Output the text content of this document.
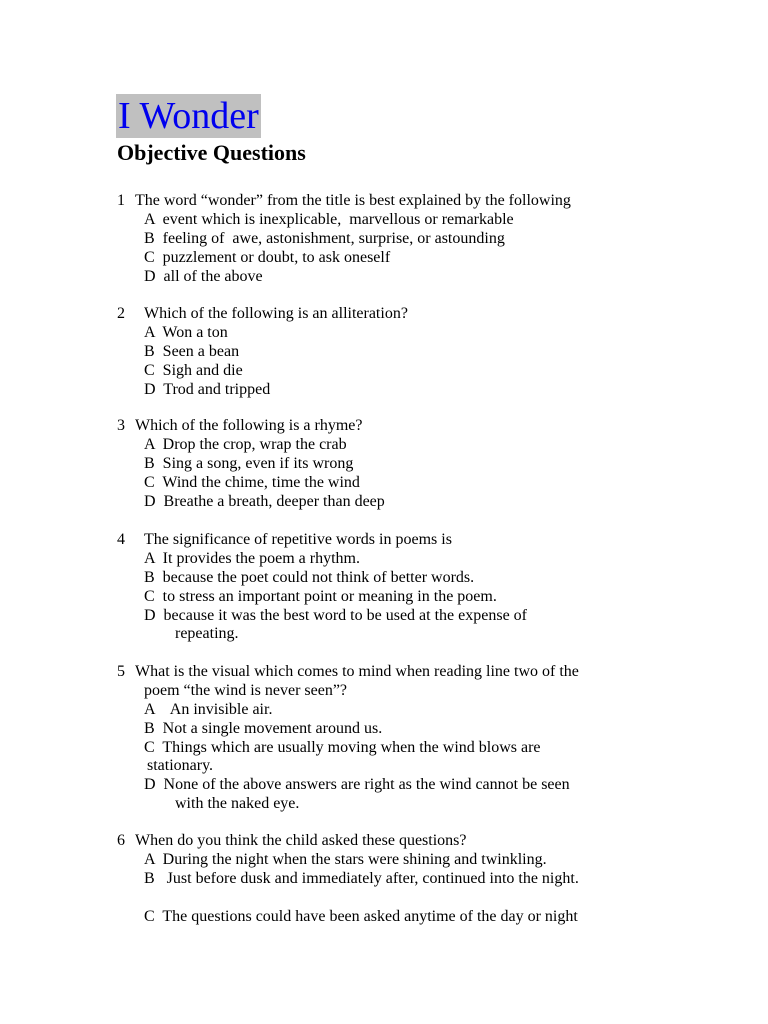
I Wonder
Objective Questions
1 The word “wonder” from the title is best explained by the following
A  event which is inexplicable,  marvellous or remarkable
B  feeling of  awe, astonishment, surprise, or astounding
C  puzzlement or doubt, to ask oneself
D  all of the above
2 Which of the following is an alliteration?
A  Won a ton
B  Seen a bean
C  Sigh and die
D  Trod and tripped
3 Which of the following is a rhyme?
A  Drop the crop, wrap the crab
B  Sing a song, even if its wrong
C  Wind the chime, time the wind
D  Breathe a breath, deeper than deep
4 The significance of repetitive words in poems is
A  It provides the poem a rhythm.
B  because the poet could not think of better words.
C  to stress an important point or meaning in the poem.
D  because it was the best word to be used at the expense of
repeating.
5 What is the visual which comes to mind when reading line two of the
poem “the wind is never seen”?
A    An invisible air.
B  Not a single movement around us.
C  Things which are usually moving when the wind blows are
stationary.
D  None of the above answers are right as the wind cannot be seen
with the naked eye.
6 When do you think the child asked these questions?
A  During the night when the stars were shining and twinkling.
B   Just before dusk and immediately after, continued into the night.
C  The questions could have been asked anytime of the day or night
